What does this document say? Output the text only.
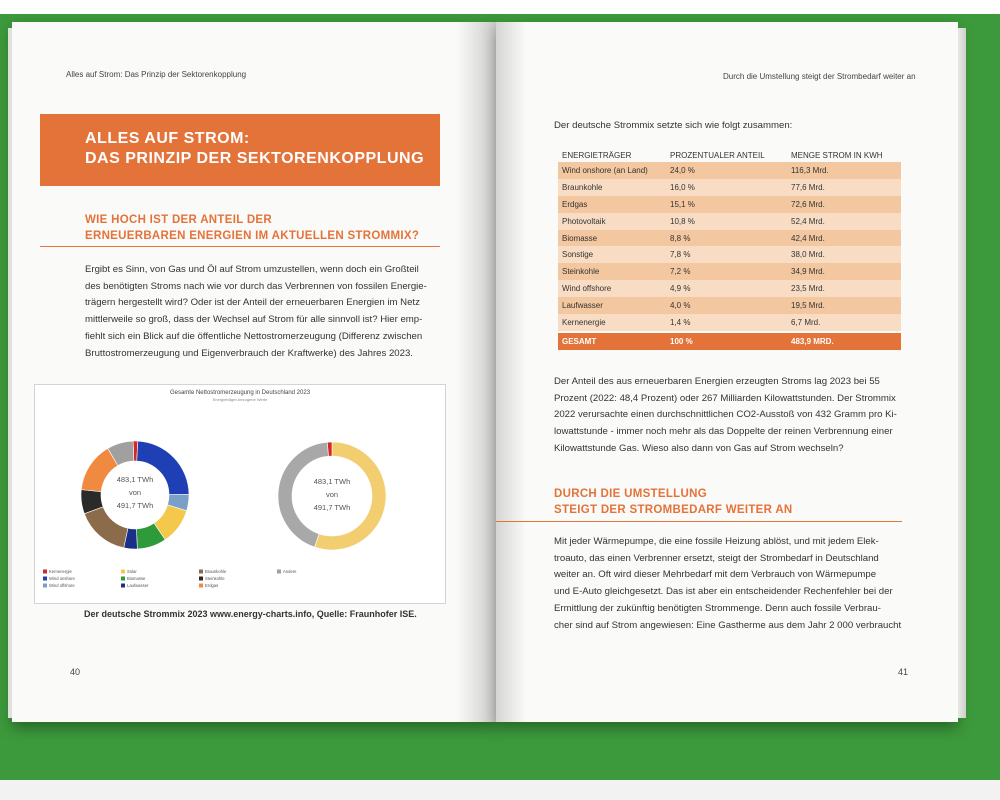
Alles auf Strom: Das Prinzip der Sektorenkopplung
ALLES AUF STROM:
DAS PRINZIP DER SEKTORENKOPPLUNG
WIE HOCH IST DER ANTEIL DER
ERNEUERBAREN ENERGIEN IM AKTUELLEN STROMMIX?
Ergibt es Sinn, von Gas und Öl auf Strom umzustellen, wenn doch ein Großteil
des benötigten Stroms nach wie vor durch das Verbrennen von fossilen Energie-
trägern hergestellt wird? Oder ist der Anteil der erneuerbaren Energien im Netz
mittlerweile so groß, dass der Wechsel auf Strom für alle sinnvoll ist? Hier emp-
fiehlt sich ein Blick auf die öffentliche Nettostromerzeugung (Differenz zwischen
Bruttostromerzeugung und Eigenverbrauch der Kraftwerke) des Jahres 2023.
Gesamte Nettostromerzeugung in Deutschland 2023
Energieträger-bezogene Werte
483,1 TWh
von
491,7 TWh
483,1 TWh
von
491,7 TWh
Kernenergie
Wind onshore
Wind offshore
Solar
Biomasse
Laufwasser
Braunkohle
Steinkohle
Erdgas
Andere
Der deutsche Strommix 2023 www.energy-charts.info, Quelle: Fraunhofer ISE.
40
Durch die Umstellung steigt der Strombedarf weiter an
Der deutsche Strommix setzte sich wie folgt zusammen:
ENERGIETRÄGER	PROZENTUALER ANTEIL	MENGE STROM IN KWH
Wind onshore (an Land)	24,0 %	116,3 Mrd.
Braunkohle	16,0 %	77,6 Mrd.
Erdgas	15,1 %	72,6 Mrd.
Photovoltaik	10,8 %	52,4 Mrd.
Biomasse	8,8 %	42,4 Mrd.
Sonstige	7,8 %	38,0 Mrd.
Steinkohle	7,2 %	34,9 Mrd.
Wind offshore	4,9 %	23,5 Mrd.
Laufwasser	4,0 %	19,5 Mrd.
Kernenergie	1,4 %	6,7 Mrd.
GESAMT	100 %	483,9 MRD.
Der Anteil des aus erneuerbaren Energien erzeugten Stroms lag 2023 bei 55
Prozent (2022: 48,4 Prozent) oder 267 Milliarden Kilowattstunden. Der Strommix
2022 verursachte einen durchschnittlichen CO2-Ausstoß von 432 Gramm pro Ki-
lowattstunde - immer noch mehr als das Doppelte der reinen Verbrennung einer
Kilowattstunde Gas. Wieso also dann von Gas auf Strom wechseln?
DURCH DIE UMSTELLUNG
STEIGT DER STROMBEDARF WEITER AN
Mit jeder Wärmepumpe, die eine fossile Heizung ablöst, und mit jedem Elek-
troauto, das einen Verbrenner ersetzt, steigt der Strombedarf in Deutschland
weiter an. Oft wird dieser Mehrbedarf mit dem Verbrauch von Wärmepumpe
und E-Auto gleichgesetzt. Das ist aber ein entscheidender Rechenfehler bei der
Ermittlung der zukünftig benötigten Strommenge. Denn auch fossile Verbrau-
cher sind auf Strom angewiesen: Eine Gastherme aus dem Jahr 2 000 verbraucht
41
